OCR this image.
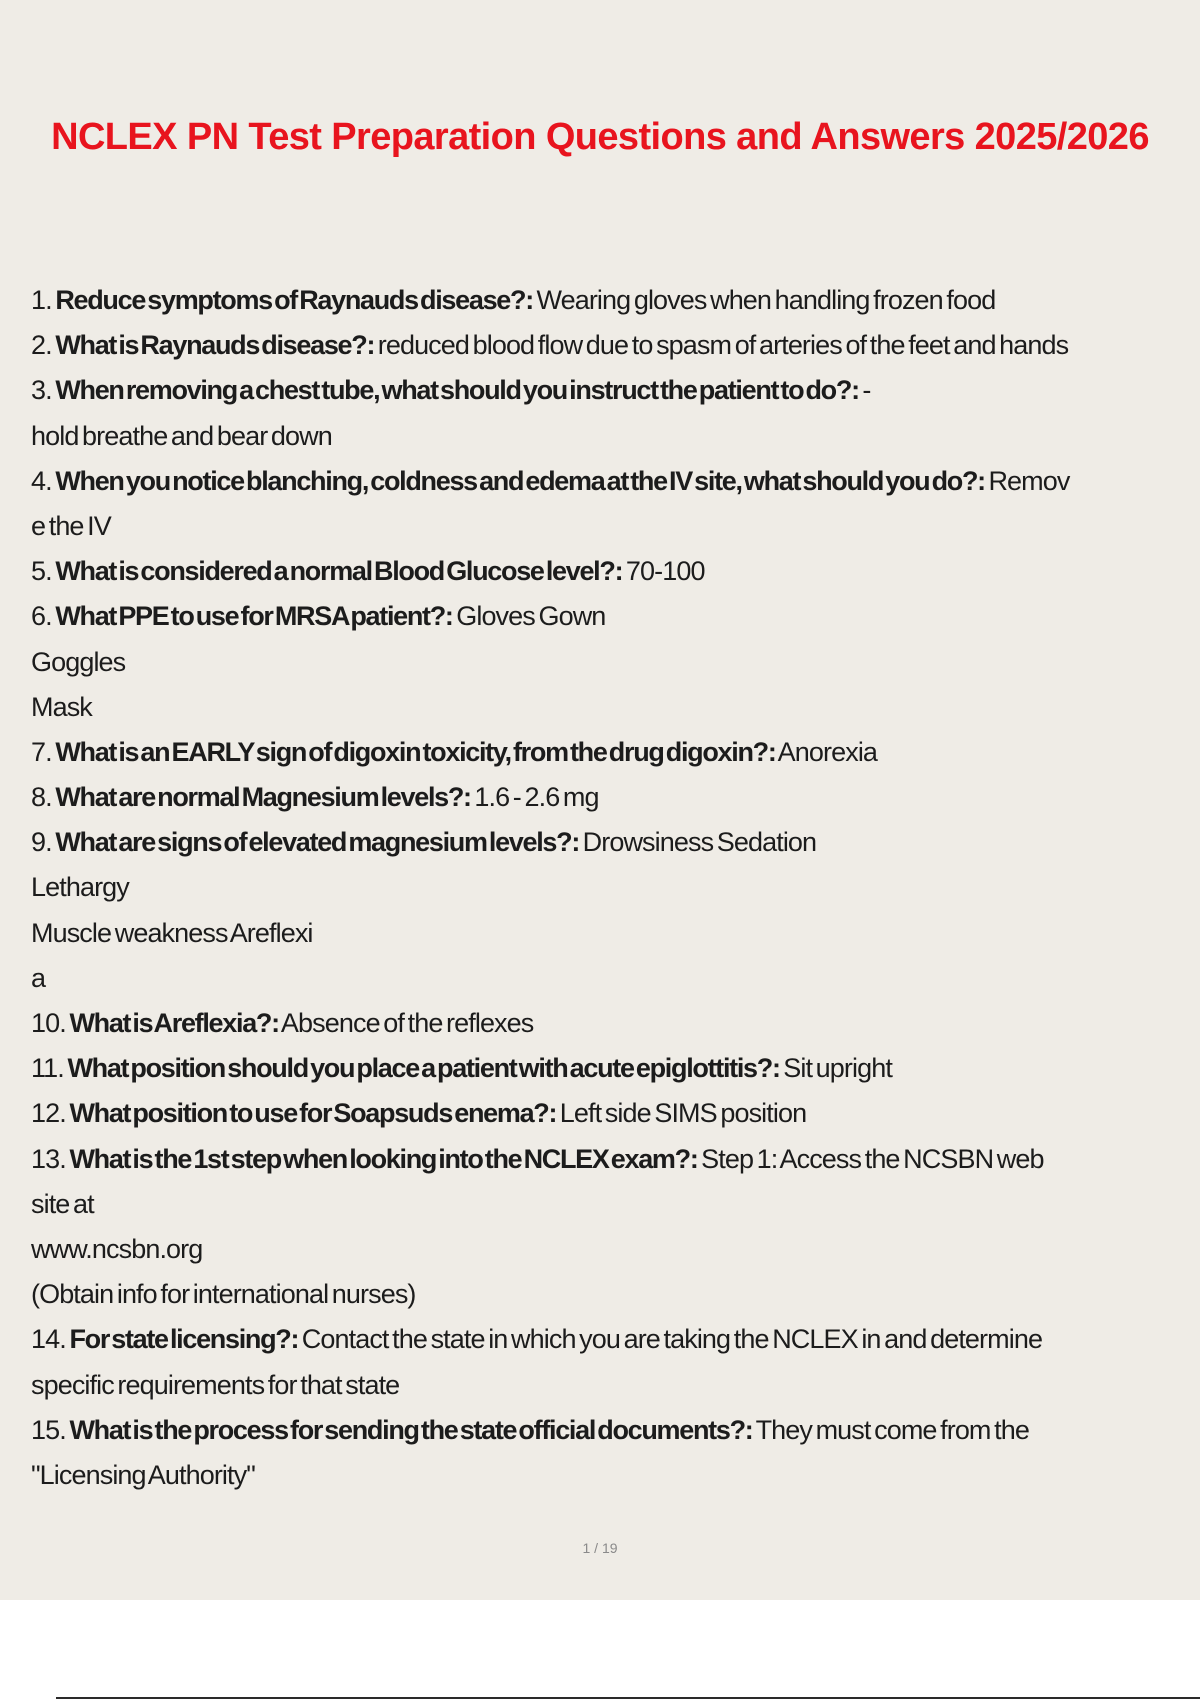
NCLEX PN Test Preparation Questions and Answers 2025/2026
1. Reduce symptoms of Raynauds disease?: Wearing gloves when handling frozen food
2. What is Raynauds disease?: reduced blood flow due to spasm of arteries of the feet and hands
3. When removing a chest tube, what should you instruct the patient to do?: -
hold breathe and bear down
4. When you notice blanching, coldness and edema at the IV site, what should you do?: Remov
e the IV
5. What is considered a normal Blood Glucose level?: 70-100
6. What PPE to use for MRSA patient?: Gloves Gown
Goggles
Mask
7. What is an EARLY sign of digoxin toxicity, from the drug digoxin?: Anorexia
8. What are normal Magnesium levels?: 1.6 - 2.6 mg
9. What are signs of elevated magnesium levels?: Drowsiness Sedation
Lethargy
Muscle weakness Areflexi
a
10. What is Areflexia?: Absence of the reflexes
11. What position should you place a patient with acute epiglottitis?: Sit upright
12. What position to use for Soapsuds enema?: Left side SIMS position
13. What is the 1st step when looking into the NCLEX exam?: Step 1: Access the NCSBN web
site at
www.ncsbn.org
(Obtain info for international nurses)
14. For state licensing?: Contact the state in which you are taking the NCLEX in and determine
specific requirements for that state
15. What is the process for sending the state official documents?: They must come from the
"Licensing Authority"
1 / 19
